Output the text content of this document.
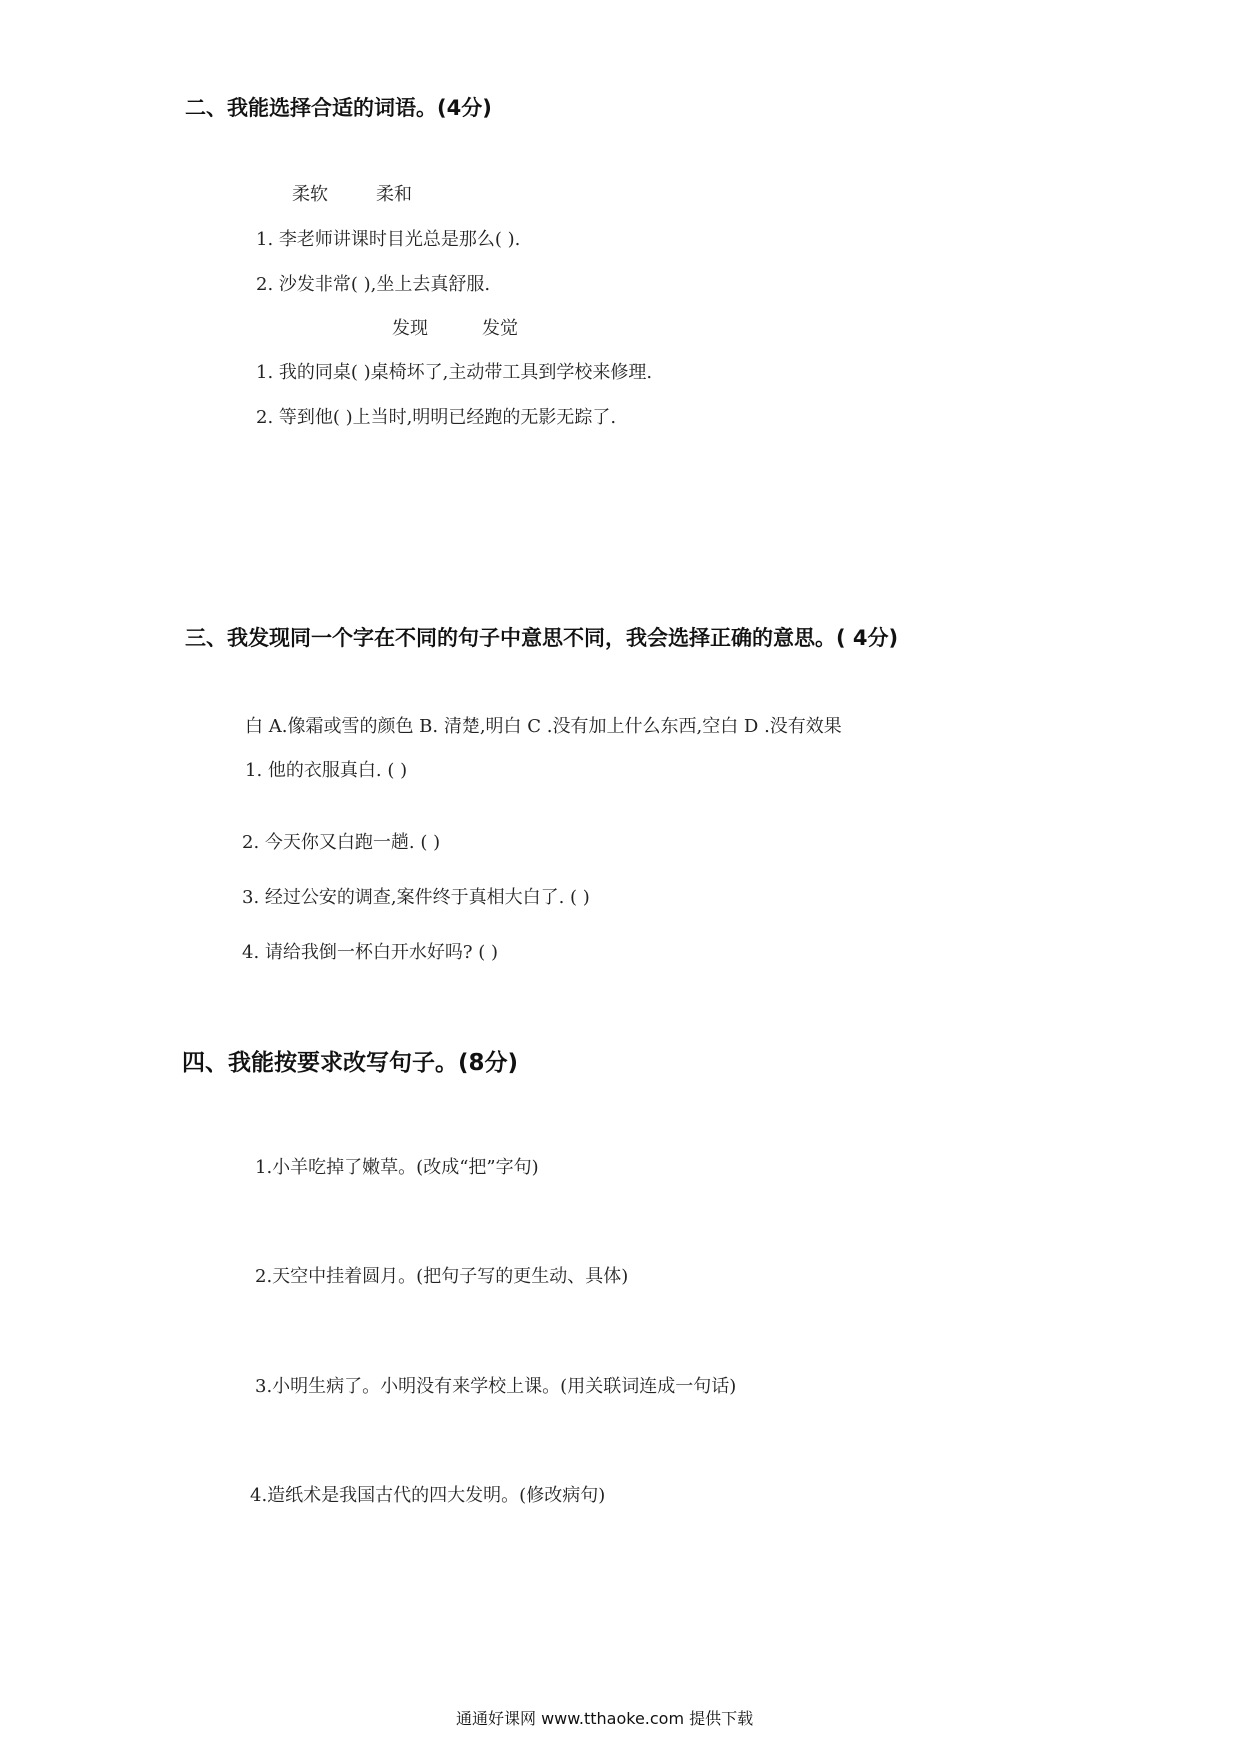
二、我能选择合适的词语。(4分)
柔软	柔和
1. 李老师讲课时目光总是那么( ).
2. 沙发非常( ),坐上去真舒服.
发现	发觉
1. 我的同桌( )桌椅坏了,主动带工具到学校来修理.
2. 等到他( )上当时,明明已经跑的无影无踪了.
三、我发现同一个字在不同的句子中意思不同，我会选择正确的意思。( 4分)
白 A.像霜或雪的颜色 B. 清楚,明白 C .没有加上什么东西,空白 D .没有效果
1. 他的衣服真白. ( )
2. 今天你又白跑一趟. ( )
3. 经过公安的调查,案件终于真相大白了. ( )
4. 请给我倒一杯白开水好吗? ( )
四、我能按要求改写句子。(8分)
1.小羊吃掉了嫩草。(改成“把”字句)
2.天空中挂着圆月。(把句子写的更生动、具体)
3.小明生病了。小明没有来学校上课。(用关联词连成一句话)
4.造纸术是我国古代的四大发明。(修改病句)
通通好课网 www.tthaoke.com 提供下载
